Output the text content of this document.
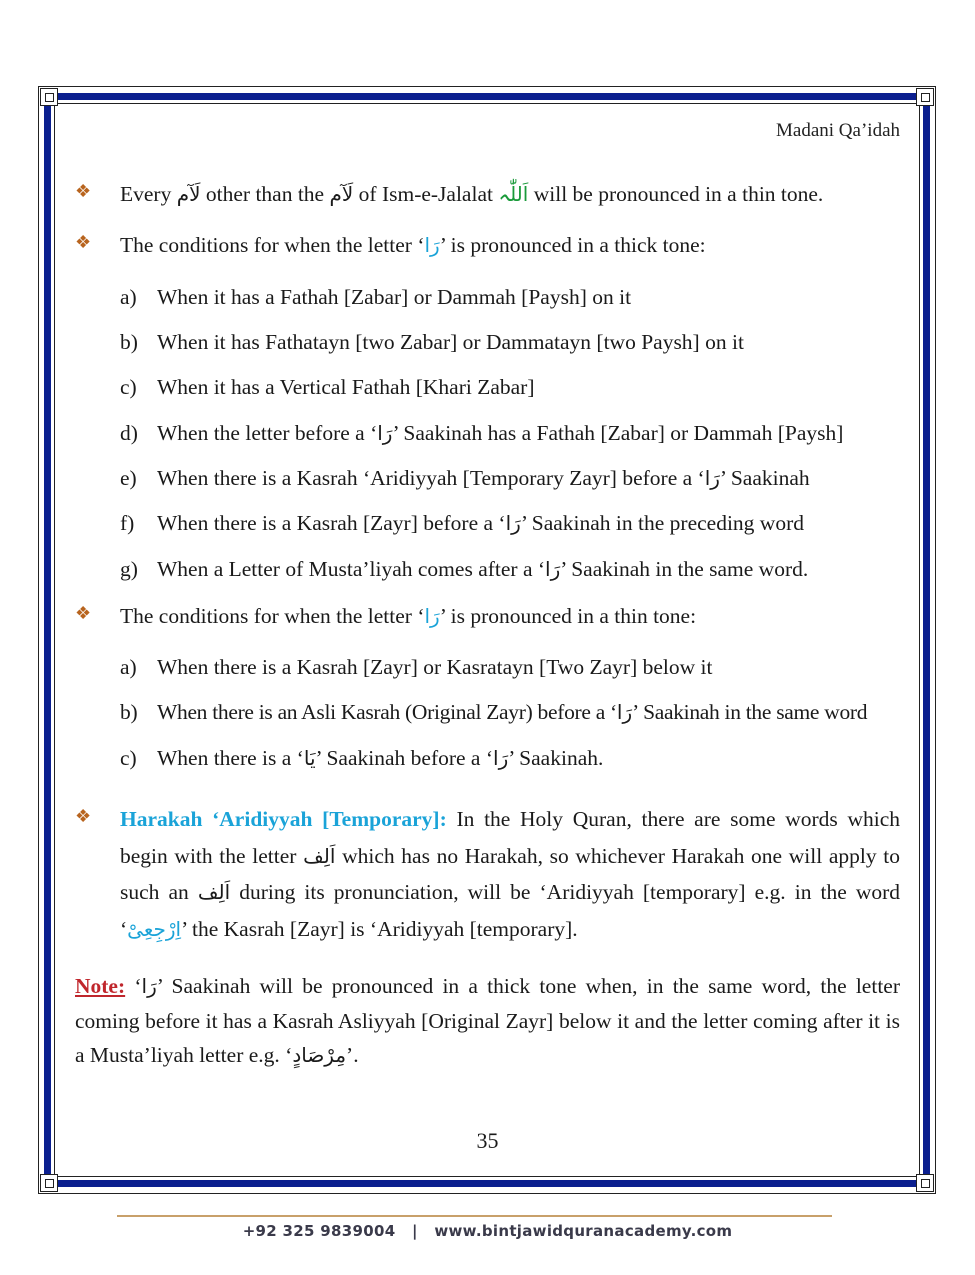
Madani Qa’idah

❖ Every لَآم other than the لَآم of Ism-e-Jalalat اَللّٰہ will be pronounced in a thin tone.

❖ The conditions for when the letter ‘رَا’ is pronounced in a thick tone:

a) When it has a Fathah [Zabar] or Dammah [Paysh] on it
b) When it has Fathatayn [two Zabar] or Dammatayn [two Paysh] on it
c) When it has a Vertical Fathah [Khari Zabar]
d) When the letter before a ‘رَا’ Saakinah has a Fathah [Zabar] or Dammah [Paysh]
e) When there is a Kasrah ‘Aridiyyah [Temporary Zayr] before a ‘رَا’ Saakinah
f) When there is a Kasrah [Zayr] before a ‘رَا’ Saakinah in the preceding word
g) When a Letter of Musta’liyah comes after a ‘رَا’ Saakinah in the same word.

❖ The conditions for when the letter ‘رَا’ is pronounced in a thin tone:

a) When there is a Kasrah [Zayr] or Kasratayn [Two Zayr] below it
b) When there is an Asli Kasrah (Original Zayr) before a ‘رَا’ Saakinah in the same word
c) When there is a ‘یَا’ Saakinah before a ‘رَا’ Saakinah.

❖ Harakah ‘Aridiyyah [Temporary]: In the Holy Quran, there are some words which begin with the letter اَلِف which has no Harakah, so whichever Harakah one will apply to such an اَلِف during its pronunciation, will be ‘Aridiyyah [temporary] e.g. in the word ‘اِرْجِعِیْ’ the Kasrah [Zayr] is ‘Aridiyyah [temporary].

Note: ‘رَا’ Saakinah will be pronounced in a thick tone when, in the same word, the letter coming before it has a Kasrah Asliyyah [Original Zayr] below it and the letter coming after it is a Musta’liyah letter e.g. ‘مِرْصَادٍ’.

35
+92 325 9839004   |   www.bintjawidquranacademy.com
